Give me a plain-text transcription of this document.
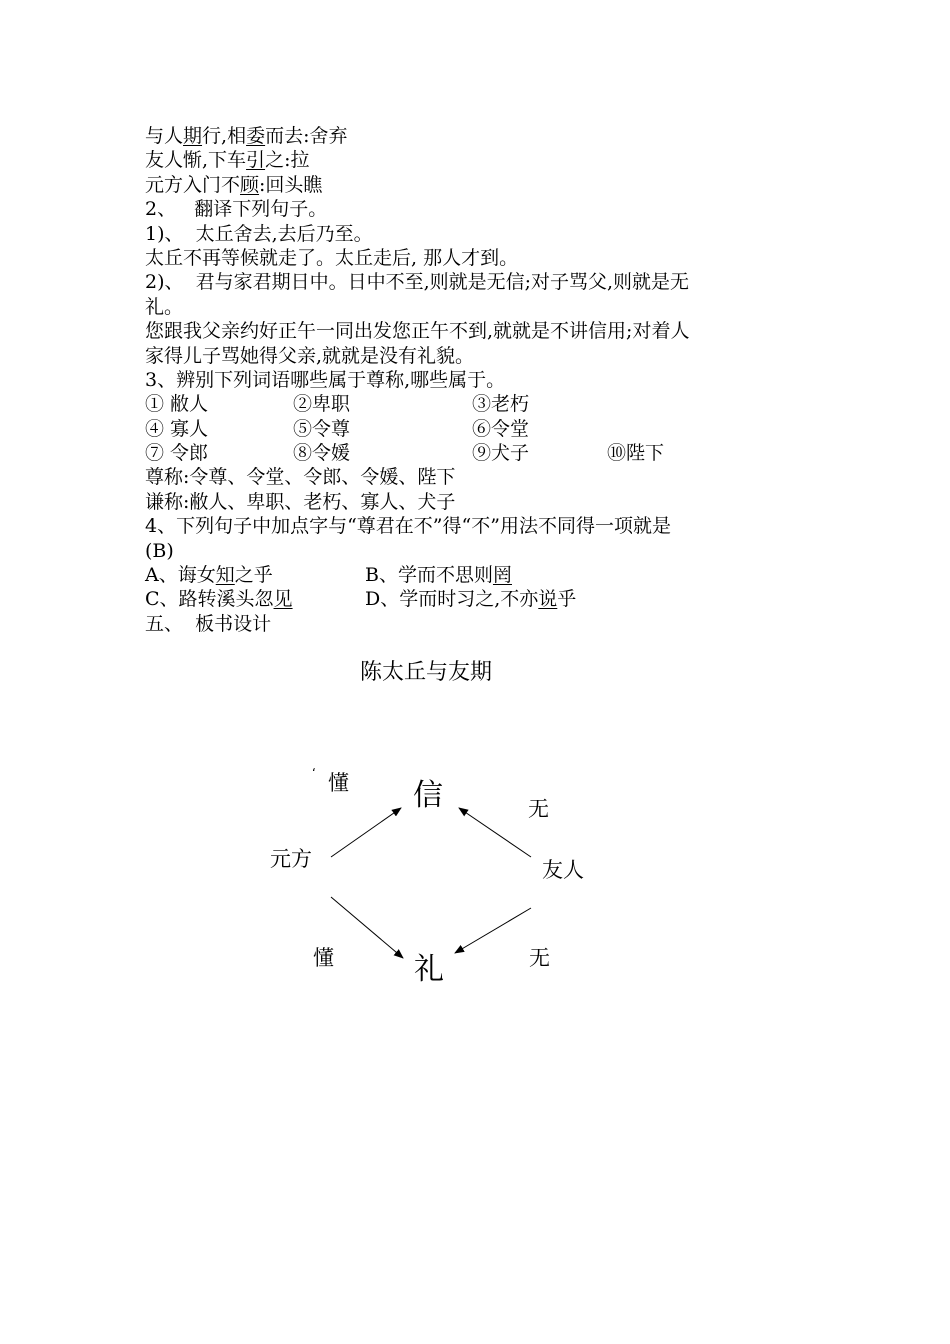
与人期行,相委而去:舍弃
友人惭,下车引之:拉
元方入门不顾:回头瞧
2、   翻译下列句子。
1)、  太丘舍去,去后乃至。
太丘不再等候就走了。太丘走后, 那人才到。
2)、  君与家君期日中。日中不至,则就是无信;对子骂父,则就是无
礼。
您跟我父亲约好正午一同出发您正午不到,就就是不讲信用;对着人
家得儿子骂她得父亲,就就是没有礼貌。
3、辨别下列词语哪些属于尊称,哪些属于。
① 敝人	②卑职	③老朽
④ 寡人	⑤令尊	⑥令堂
⑦ 令郎	⑧令媛	⑨犬子	⑩陛下
尊称:令尊、令堂、令郎、令媛、陛下
谦称:敝人、卑职、老朽、寡人、犬子
4、下列句子中加点字与“尊君在不”得“不”用法不同得一项就是
(B)
A、诲女知之乎	B、学而不思则罔
C、路转溪头忽见	D、学而时习之,不亦说乎
五、  板书设计
陈太丘与友期
‘ 懂 信	无
元方	友人
懂	礼	无
